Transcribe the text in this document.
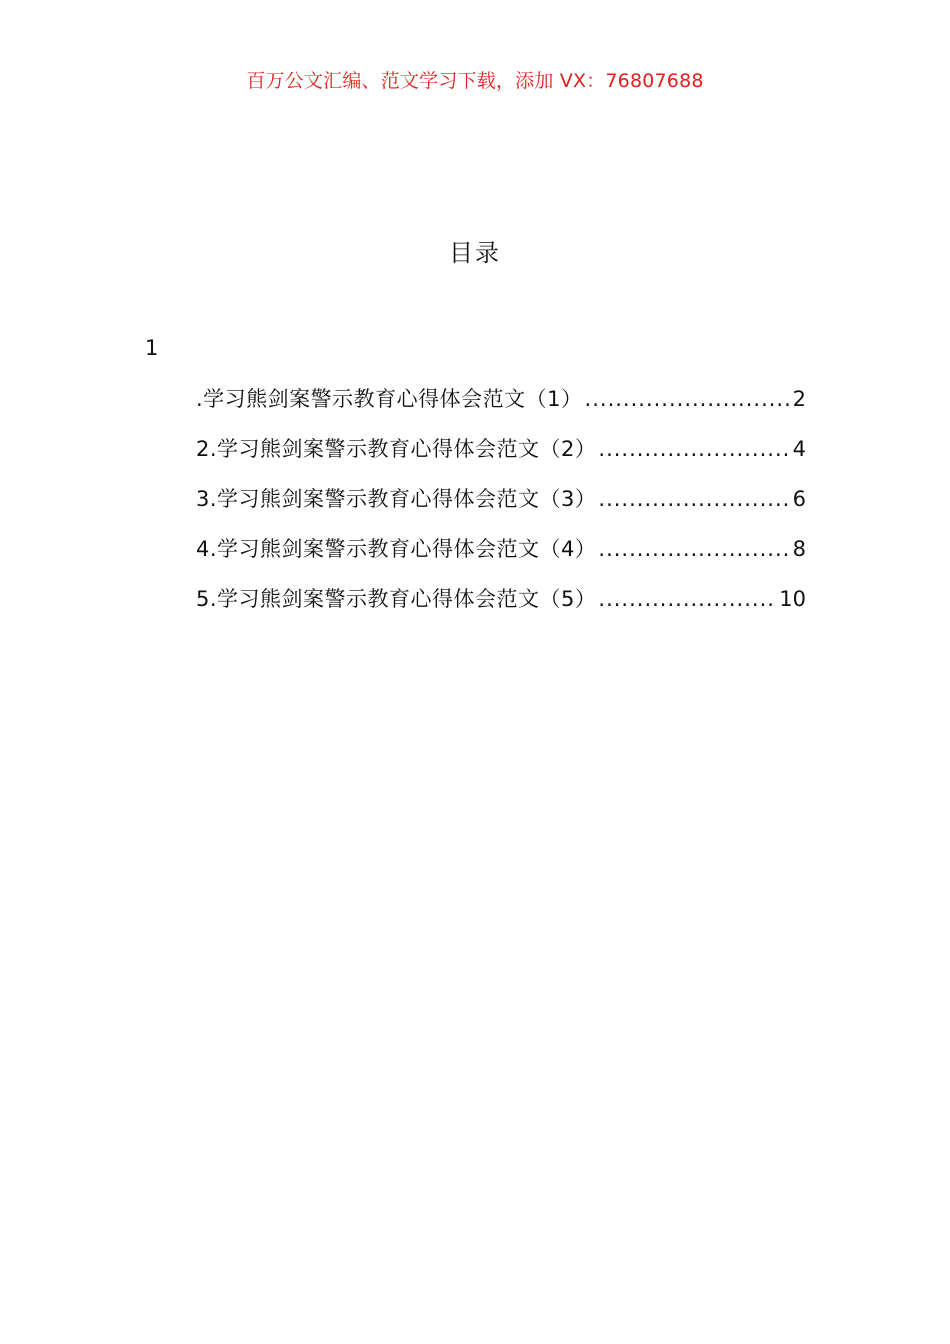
百万公文汇编、范文学习下载，添加 VX：76807688
目录
1
.学习熊剑案警示教育心得体会范文（1） .....	2
2.学习熊剑案警示教育心得体会范文（2） .....	4
3.学习熊剑案警示教育心得体会范文（3） .....	6
4.学习熊剑案警示教育心得体会范文（4） .....	8
5.学习熊剑案警示教育心得体会范文（5） .....	10
